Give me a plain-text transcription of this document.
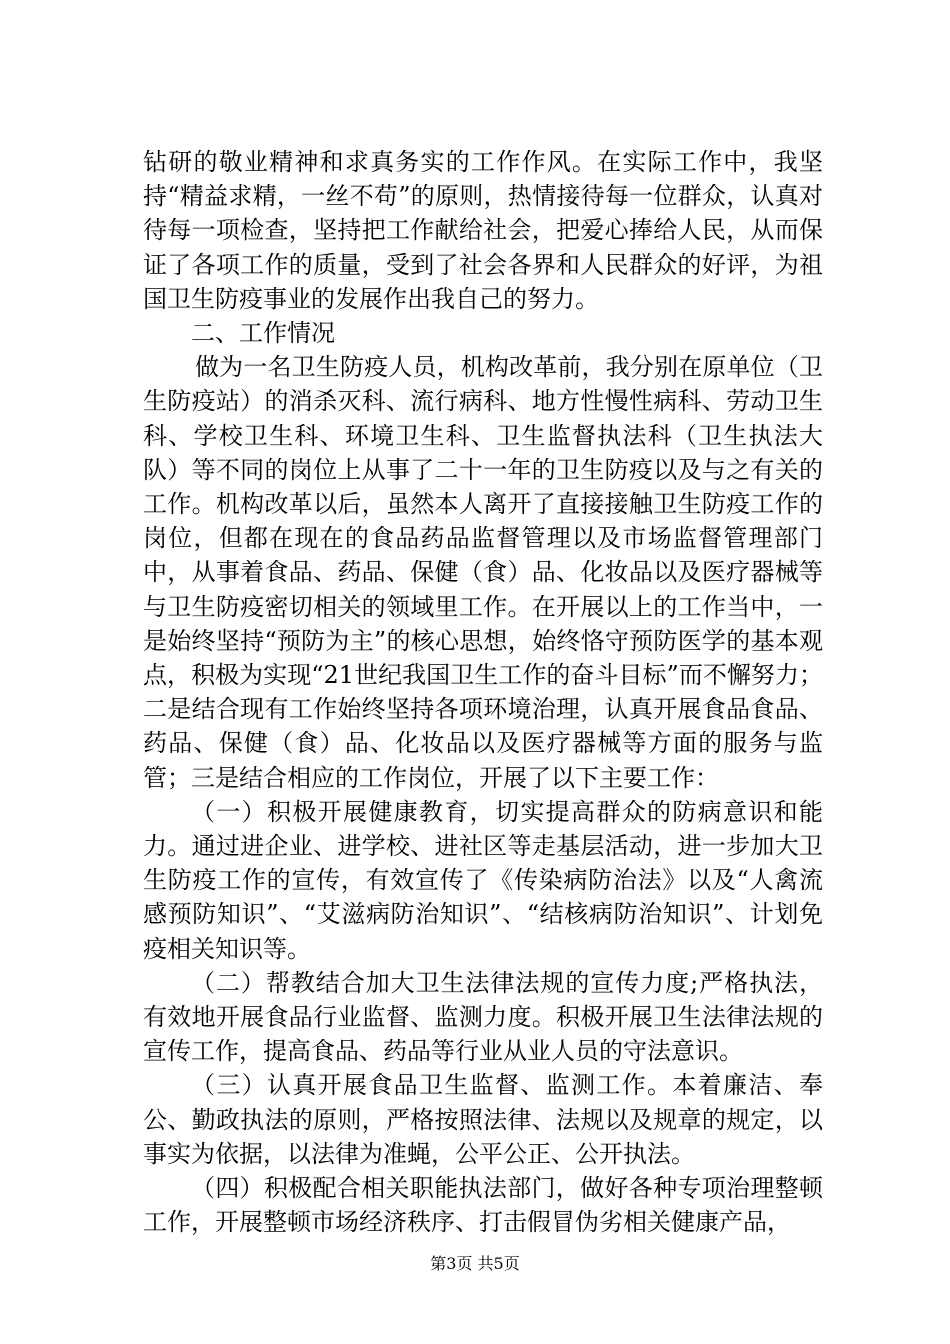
钻研的敬业精神和求真务实的工作作风。在实际工作中，我坚持“精益求精，一丝不苟”的原则，热情接待每一位群众，认真对待每一项检查，坚持把工作献给社会，把爱心捧给人民，从而保证了各项工作的质量，受到了社会各界和人民群众的好评，为祖国卫生防疫事业的发展作出我自己的努力。

二、工作情况

做为一名卫生防疫人员，机构改革前，我分别在原单位（卫生防疫站）的消杀灭科、流行病科、地方性慢性病科、劳动卫生科、学校卫生科、环境卫生科、卫生监督执法科（卫生执法大队）等不同的岗位上从事了二十一年的卫生防疫以及与之有关的工作。机构改革以后，虽然本人离开了直接接触卫生防疫工作的岗位，但都在现在的食品药品监督管理以及市场监督管理部门中，从事着食品、药品、保健（食）品、化妆品以及医疗器械等与卫生防疫密切相关的领域里工作。在开展以上的工作当中，一是始终坚持“预防为主”的核心思想，始终恪守预防医学的基本观点，积极为实现“21世纪我国卫生工作的奋斗目标”而不懈努力；二是结合现有工作始终坚持各项环境治理，认真开展食品食品、药品、保健（食）品、化妆品以及医疗器械等方面的服务与监管；三是结合相应的工作岗位，开展了以下主要工作：

（一）积极开展健康教育，切实提高群众的防病意识和能力。通过进企业、进学校、进社区等走基层活动，进一步加大卫生防疫工作的宣传，有效宣传了《传染病防治法》以及“人禽流感预防知识”、“艾滋病防治知识”、“结核病防治知识”、计划免疫相关知识等。

（二）帮教结合加大卫生法律法规的宣传力度;严格执法，有效地开展食品行业监督、监测力度。积极开展卫生法律法规的宣传工作，提高食品、药品等行业从业人员的守法意识。

（三）认真开展食品卫生监督、监测工作。本着廉洁、奉公、勤政执法的原则，严格按照法律、法规以及规章的规定，以事实为依据，以法律为准蝇，公平公正、公开执法。

（四）积极配合相关职能执法部门，做好各种专项治理整顿工作，开展整顿市场经济秩序、打击假冒伪劣相关健康产品，

第3页 共5页
